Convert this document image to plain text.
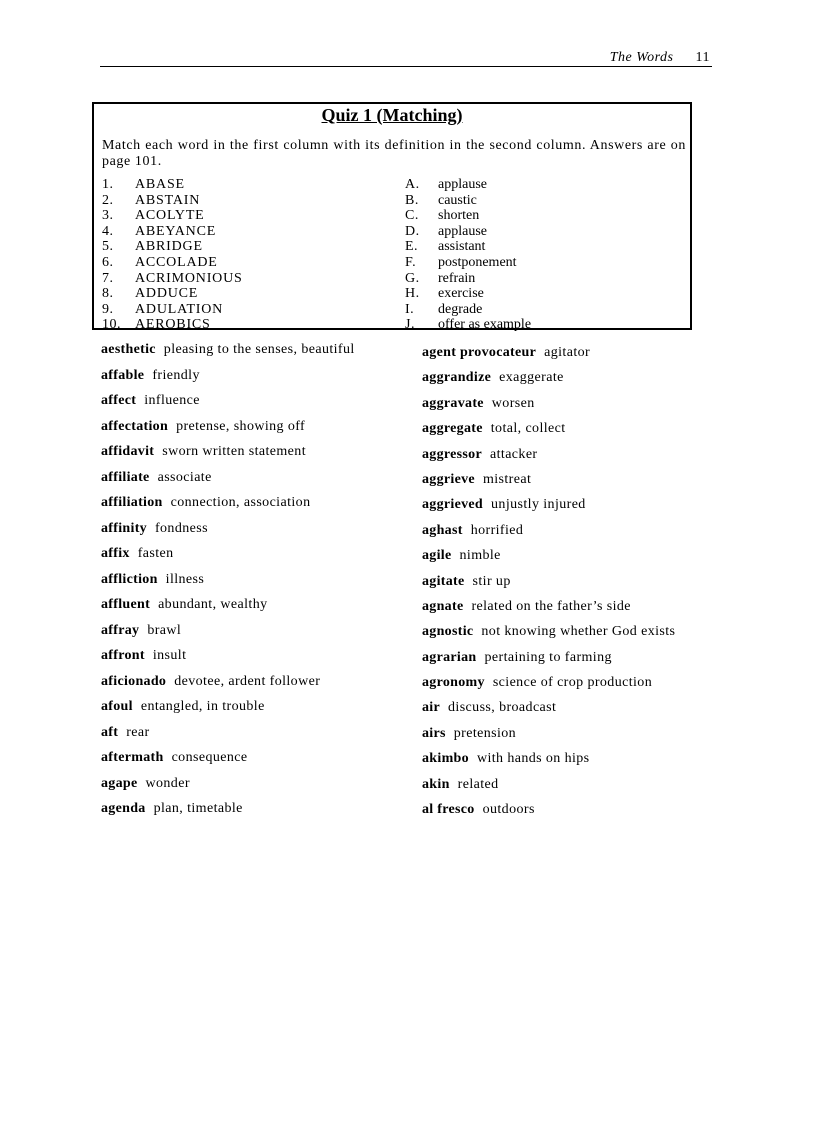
The Words 11
Quiz 1 (Matching)
Match each word in the first column with its definition in the second column. Answers are on page 101.
1. ABASE
2. ABSTAIN
3. ACOLYTE
4. ABEYANCE
5. ABRIDGE
6. ACCOLADE
7. ACRIMONIOUS
8. ADDUCE
9. ADULATION
10. AEROBICS
A. applause
B. caustic
C. shorten
D. applause
E. assistant
F. postponement
G. refrain
H. exercise
I. degrade
J. offer as example
aesthetic pleasing to the senses, beautiful
affable friendly
affect influence
affectation pretense, showing off
affidavit sworn written statement
affiliate associate
affiliation connection, association
affinity fondness
affix fasten
affliction illness
affluent abundant, wealthy
affray brawl
affront insult
aficionado devotee, ardent follower
afoul entangled, in trouble
aft rear
aftermath consequence
agape wonder
agenda plan, timetable
agent provocateur agitator
aggrandize exaggerate
aggravate worsen
aggregate total, collect
aggressor attacker
aggrieve mistreat
aggrieved unjustly injured
aghast horrified
agile nimble
agitate stir up
agnate related on the father’s side
agnostic not knowing whether God exists
agrarian pertaining to farming
agronomy science of crop production
air discuss, broadcast
airs pretension
akimbo with hands on hips
akin related
al fresco outdoors
